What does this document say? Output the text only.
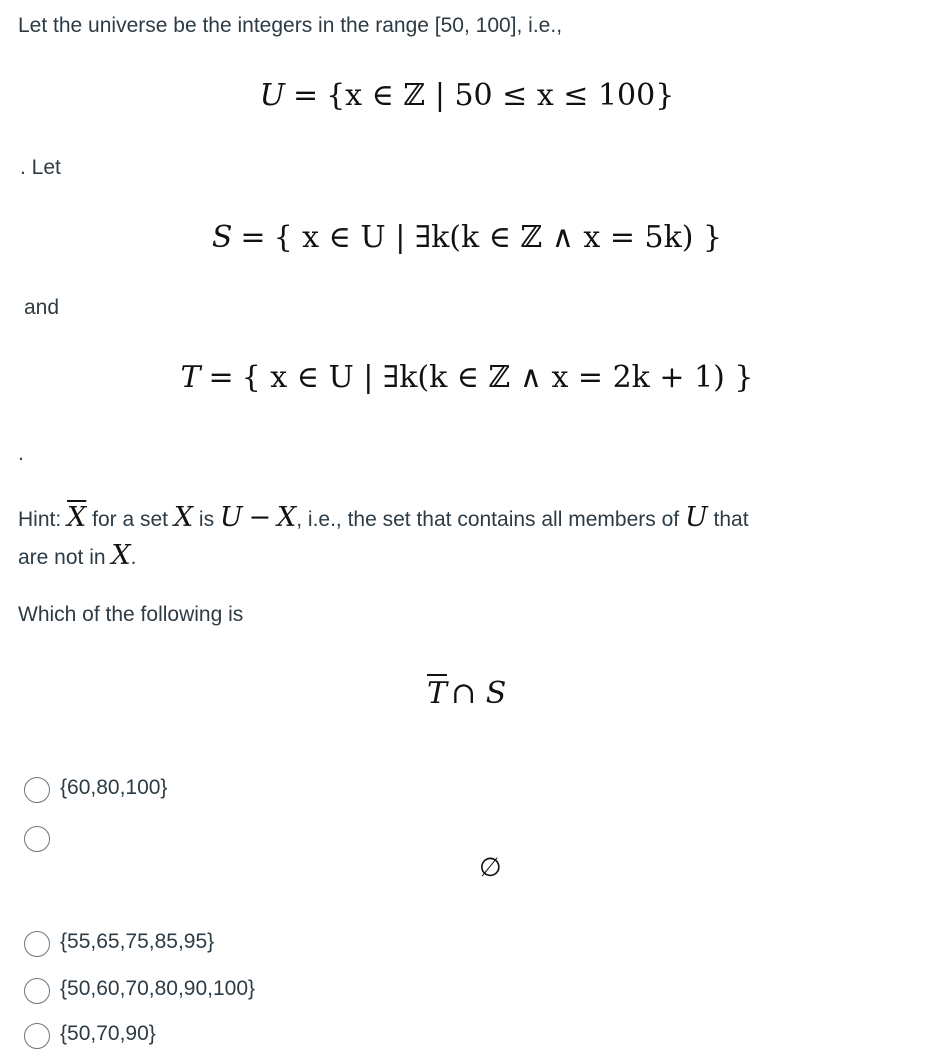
Let the universe be the integers in the range [50, 100], i.e.,
U = {x ∈ ℤ | 50 ≤ x ≤ 100}
. Let
S = { x ∈ U | ∃k(k ∈ ℤ ∧ x = 5k) }
and
T = { x ∈ U | ∃k(k ∈ ℤ ∧ x = 2k + 1) }
.
Hint: $\overline{X}$ for a set X is U − X, i.e., the set that contains all members of U that
are not in X.
Which of the following is
$\overline{T}$ ∩ S
{60,80,100}
∅
{55,65,75,85,95}
{50,60,70,80,90,100}
{50,70,90}
